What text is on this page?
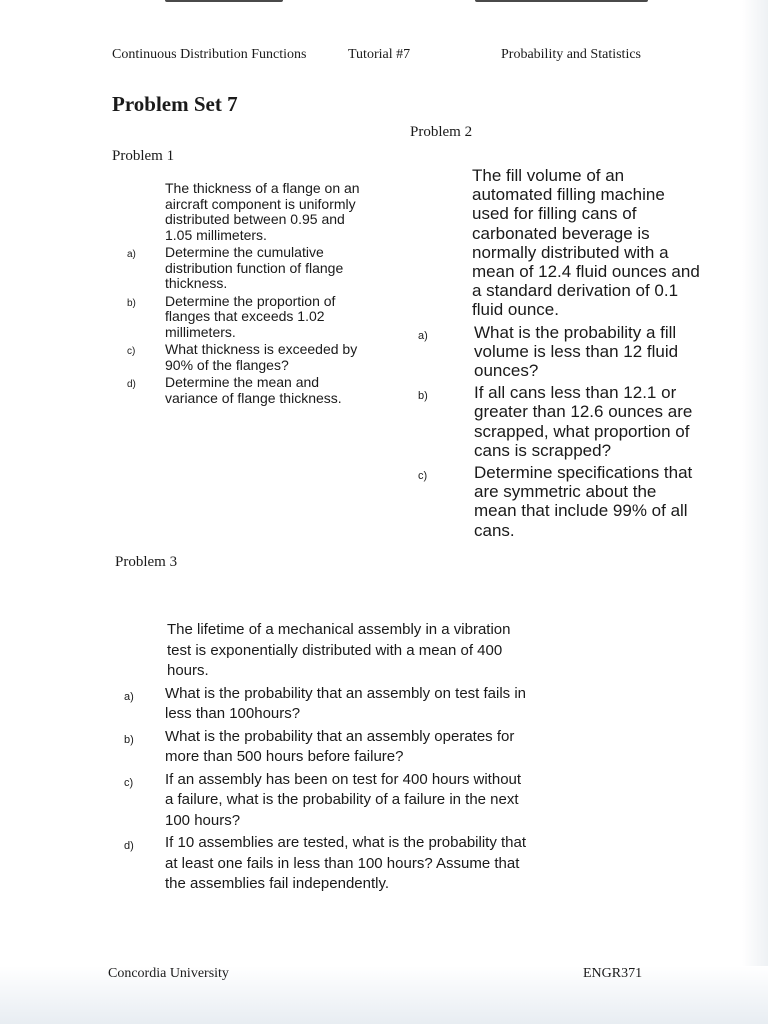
Continuous Distribution Functions	Tutorial #7	Probability and Statistics
Problem Set 7
Problem 1
Problem 2
Problem 3

The thickness of a flange on an aircraft component is uniformly distributed between 0.95 and 1.05 millimeters.

a)	Determine the cumulative distribution function of flange thickness.
b)	Determine the proportion of flanges that exceeds 1.02 millimeters.
c)	What thickness is exceeded by 90% of the flanges?
d)	Determine the mean and variance of flange thickness.

The fill volume of an automated filling machine used for filling cans of carbonated beverage is normally distributed with a mean of 12.4 fluid ounces and a standard derivation of 0.1 fluid ounce.

a)	What is the probability a fill volume is less than 12 fluid ounces?
b)	If all cans less than 12.1 or greater than 12.6 ounces are scrapped, what proportion of cans is scrapped?
c)	Determine specifications that are symmetric about the mean that include 99% of all cans.

The lifetime of a mechanical assembly in a vibration test is exponentially distributed with a mean of 400 hours.

a)	What is the probability that an assembly on test fails in less than 100hours?
b)	What is the probability that an assembly operates for more than 500 hours before failure?
c)	If an assembly has been on test for 400 hours without a failure, what is the probability of a failure in the next 100 hours?
d)	If 10 assemblies are tested, what is the probability that at least one fails in less than 100 hours? Assume that the assemblies fail independently.
Concordia University	ENGR371
